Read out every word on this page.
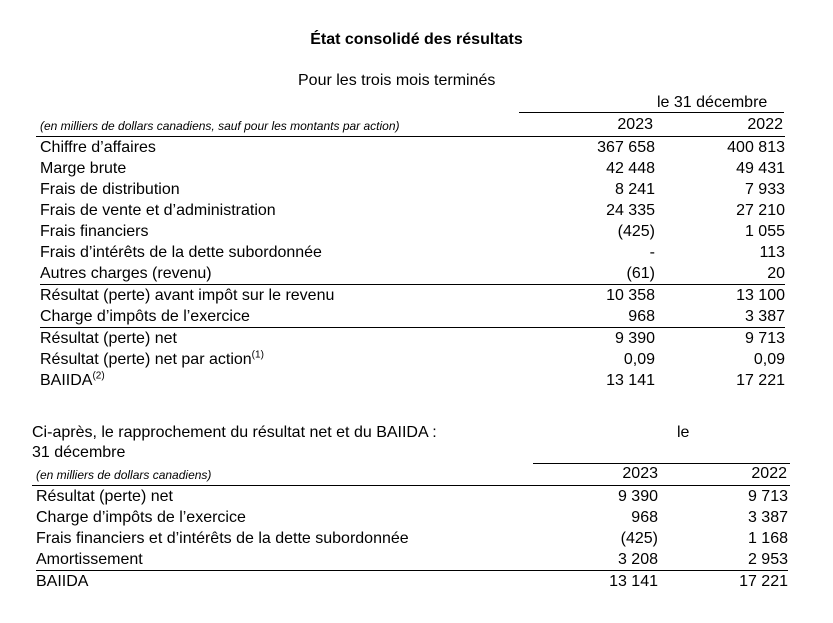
État consolidé des résultats
Pour les trois mois terminés
le 31 décembre
(en milliers de dollars canadiens, sauf pour les montants par action)	2023	2022
Chiffre d’affaires	367 658	400 813
Marge brute	42 448	49 431
Frais de distribution	8 241	7 933
Frais de vente et d’administration	24 335	27 210
Frais financiers	(425)	1 055
Frais d’intérêts de la dette subordonnée	-	113
Autres charges (revenu)	(61)	20
Résultat (perte) avant impôt sur le revenu	10 358	13 100
Charge d’impôts de l’exercice	968	3 387
Résultat (perte) net	9 390	9 713
Résultat (perte) net par action$^{(1)}$	0,09	0,09
BAIIDA$^{(2)}$	13 141	17 221
Ci-après, le rapprochement du résultat net et du BAIIDA :	le
31 décembre
(en milliers de dollars canadiens)	2023	2022
Résultat (perte) net	9 390	9 713
Charge d’impôts de l’exercice	968	3 387
Frais financiers et d’intérêts de la dette subordonnée	(425)	1 168
Amortissement	3 208	2 953
BAIIDA	13 141	17 221
